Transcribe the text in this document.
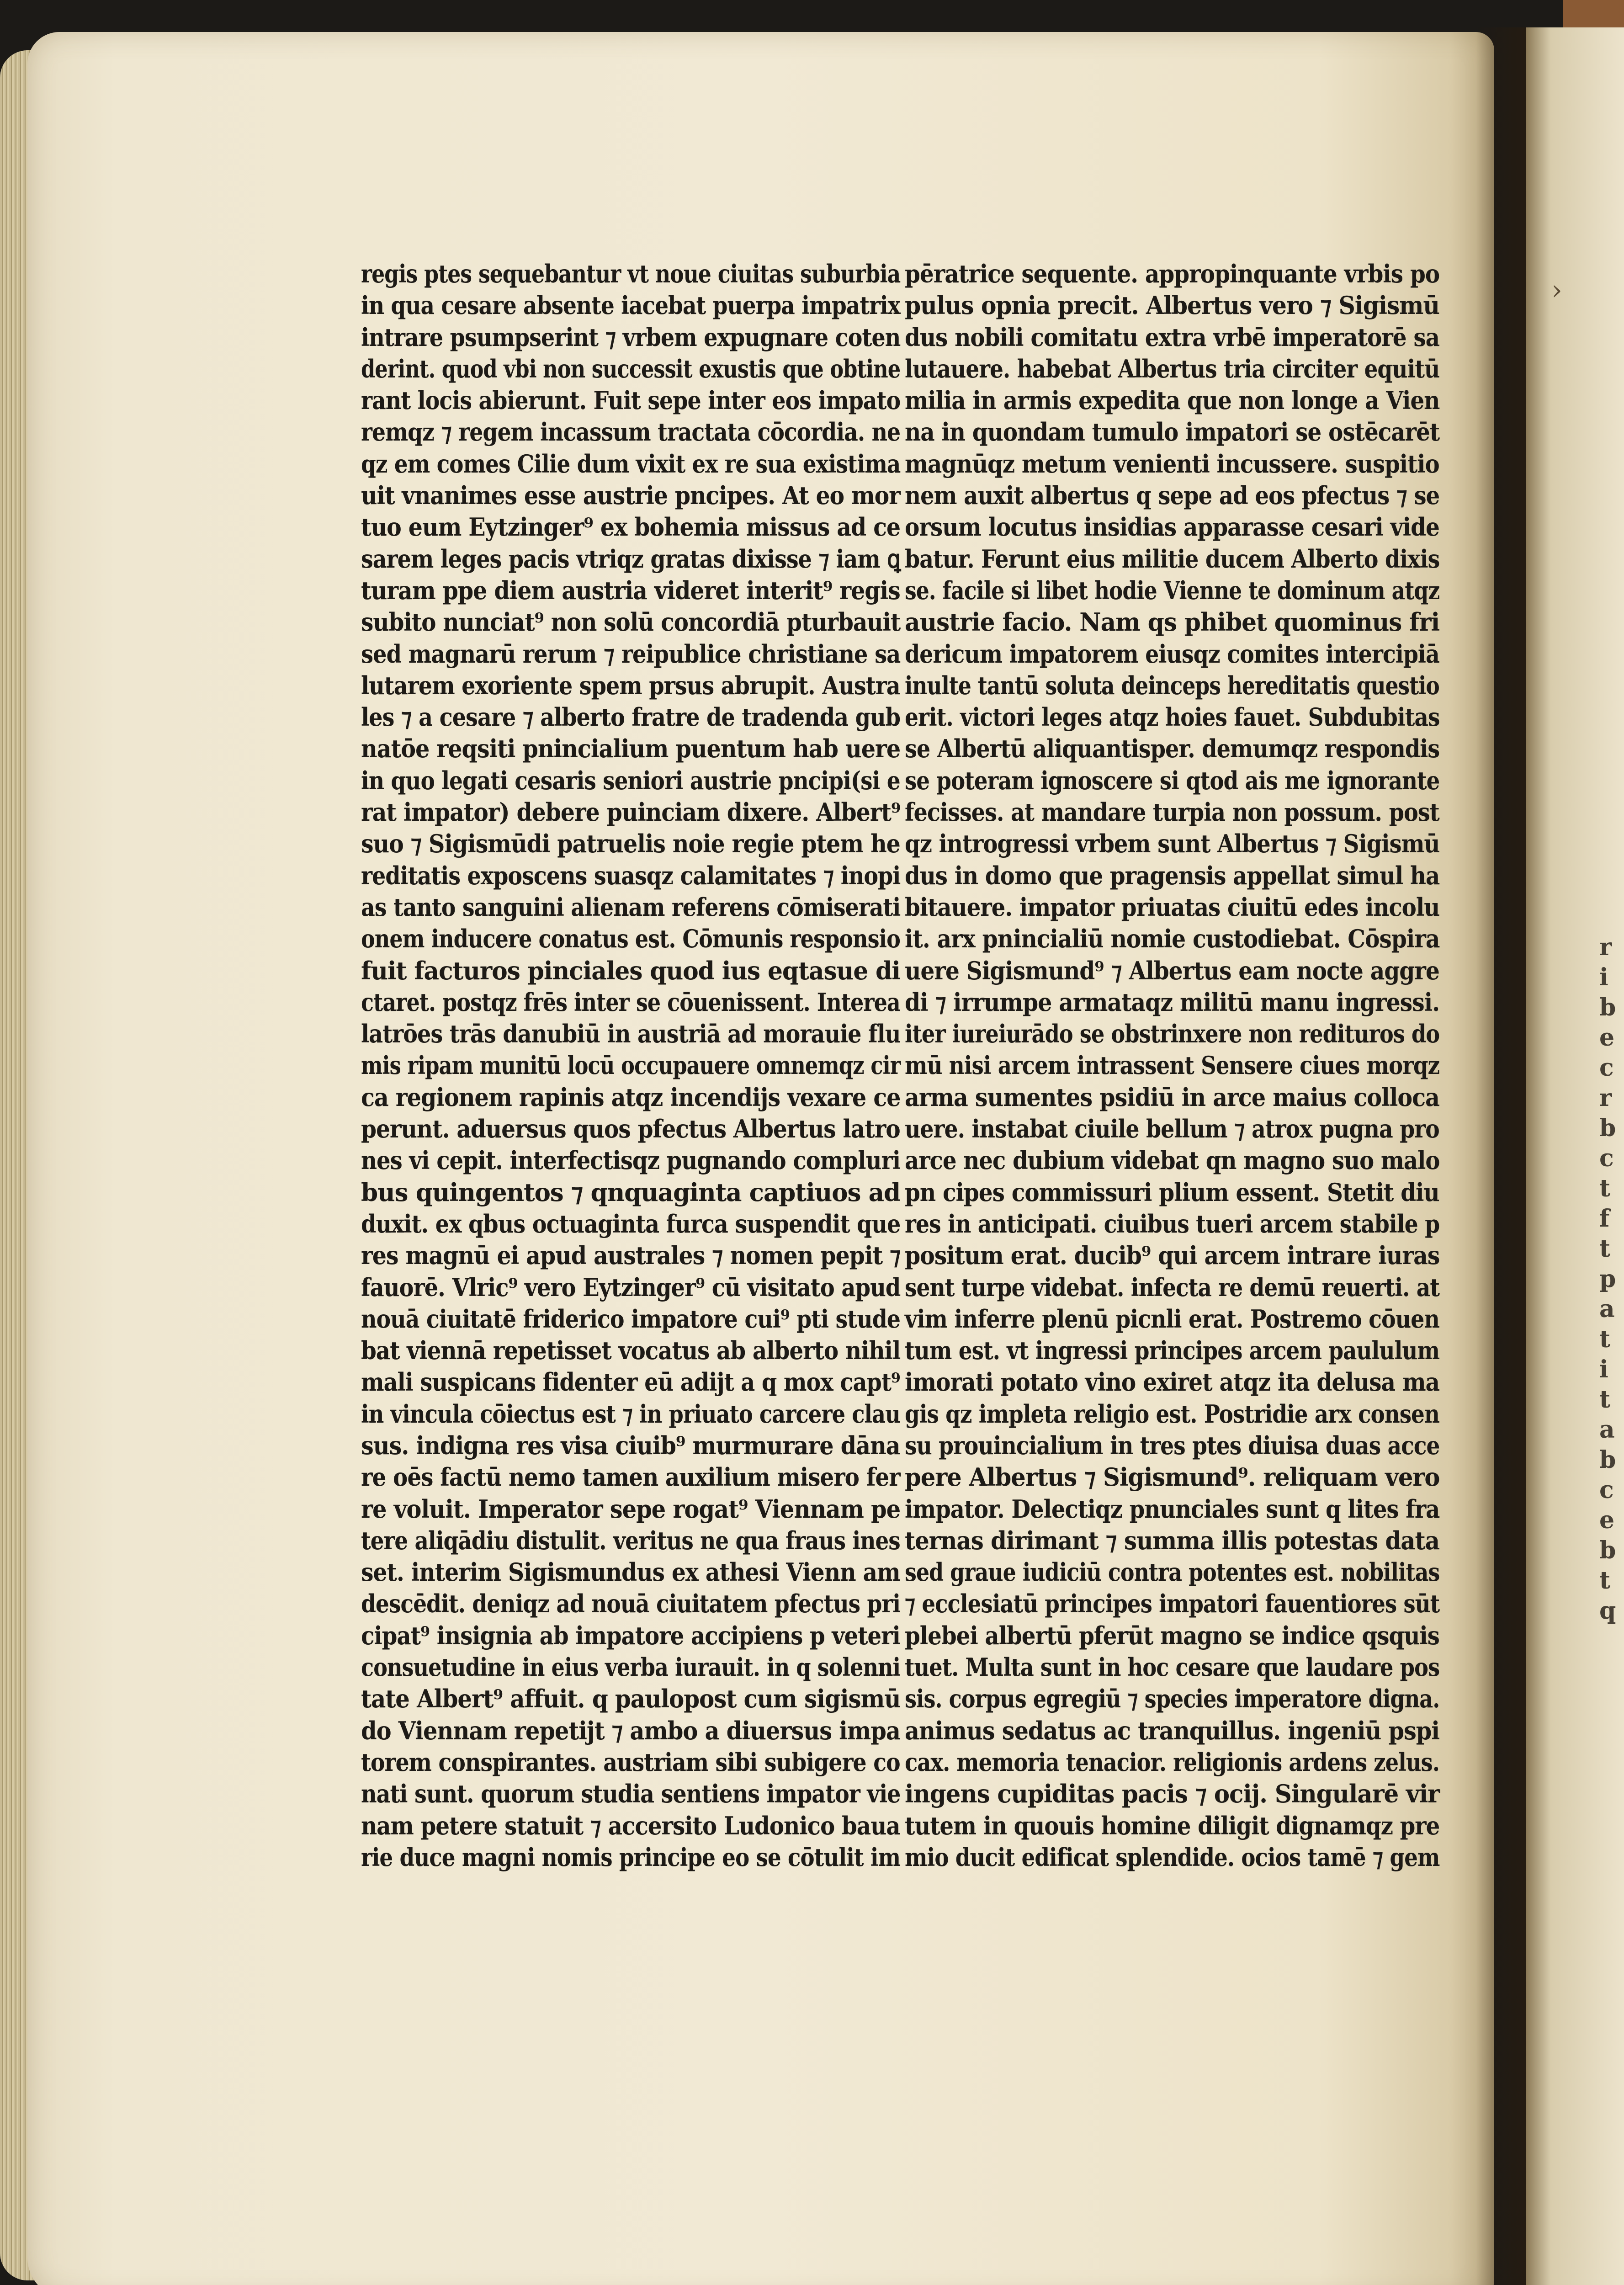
regis ptes sequebantur vt noue ciuitas suburbia
in qua cesare absente iacebat puerpa impatrix
intrare psumpserint ⁊ vrbem expugnare coten
derint. quod vbi non successit exustis que obtine
rant locis abierunt. Fuit sepe inter eos impato
remqz ⁊ regem incassum tractata cōcordia. ne
qz em comes Cilie dum vixit ex re sua existima
uit vnanimes esse austrie pncipes. At eo mor
tuo eum Eytzinger⁹ ex bohemia missus ad ce
sarem leges pacis vtriqz gratas dixisse ⁊ iam ꝗ
turam ppe diem austria videret interit⁹ regis
subito nunciat⁹ non solū concordiā pturbauit
sed magnarū rerum ⁊ reipublice christiane sa
lutarem exoriente spem prsus abrupit. Austra
les ⁊ a cesare ⁊ alberto fratre de tradenda gub
natōe reqsiti pnincialium puentum hab uere
in quo legati cesaris seniori austrie pncipi(si e
rat impator) debere puinciam dixere. Albert⁹
suo ⁊ Sigismūdi patruelis noie regie ptem he
reditatis exposcens suasqz calamitates ⁊ inopi
as tanto sanguini alienam referens cōmiserati
onem inducere conatus est. Cōmunis responsio
fuit facturos pinciales quod ius eqtasue di
ctaret. postqz frēs inter se cōuenissent. Interea
latrōes trās danubiū in austriā ad morauie flu
mis ripam munitū locū occupauere omnemqz cir
ca regionem rapinis atqz incendijs vexare ce
perunt. aduersus quos pfectus Albertus latro
nes vi cepit. interfectisqz pugnando compluri
bus quingentos ⁊ qnquaginta captiuos ad
duxit. ex qbus octuaginta furca suspendit que
res magnū ei apud australes ⁊ nomen pepit ⁊
fauorē. Vlric⁹ vero Eytzinger⁹ cū visitato apud
nouā ciuitatē friderico impatore cui⁹ pti stude
bat viennā repetisset vocatus ab alberto nihil
mali suspicans fidenter eū adijt a q mox capt⁹
in vincula cōiectus est ⁊ in priuato carcere clau
sus. indigna res visa ciuib⁹ murmurare dāna
re oēs factū nemo tamen auxilium misero fer
re voluit. Imperator sepe rogat⁹ Viennam pe
tere aliqādiu distulit. veritus ne qua fraus ines
set. interim Sigismundus ex athesi Vienn am
descēdit. deniqz ad nouā ciuitatem pfectus pri
cipat⁹ insignia ab impatore accipiens p veteri
consuetudine in eius verba iurauit. in q solenni
tate Albert⁹ affuit. q paulopost cum sigismū
do Viennam repetijt ⁊ ambo a diuersus impa
torem conspirantes. austriam sibi subigere co
nati sunt. quorum studia sentiens impator vie
nam petere statuit ⁊ accersito Ludonico baua
rie duce magni nomis principe eo se cōtulit im
pēratrice sequente. appropinquante vrbis po
pulus opnia precit. Albertus vero ⁊ Sigismū
dus nobili comitatu extra vrbē imperatorē sa
lutauere. habebat Albertus tria circiter equitū
milia in armis expedita que non longe a Vien
na in quondam tumulo impatori se ostēcarēt
magnūqz metum venienti incussere. suspitio
nem auxit albertus q sepe ad eos pfectus ⁊ se
orsum locutus insidias apparasse cesari vide
batur. Ferunt eius militie ducem Alberto dixis
se. facile si libet hodie Vienne te dominum atqz
austrie facio. Nam qs phibet quominus fri
dericum impatorem eiusqz comites intercipiā
inulte tantū soluta deinceps hereditatis questio
erit. victori leges atqz hoies fauet. Subdubitas
se Albertū aliquantisper. demumqz respondis
se poteram ignoscere si qtod ais me ignorante
fecisses. at mandare turpia non possum. post
qz introgressi vrbem sunt Albertus ⁊ Sigismū
dus in domo que pragensis appellat simul ha
bitauere. impator priuatas ciuitū edes incolu
it. arx pnincialiū nomie custodiebat. Cōspira
uere Sigismund⁹ ⁊ Albertus eam nocte aggre
di ⁊ irrumpe armataqz militū manu ingressi.
iter iureiurādo se obstrinxere non redituros do
mū nisi arcem intrassent Sensere ciues morqz
arma sumentes psidiū in arce maius colloca
uere. instabat ciuile bellum ⁊ atrox pugna pro
arce nec dubium videbat qn magno suo malo
pn cipes commissuri plium essent. Stetit diu
res in anticipati. ciuibus tueri arcem stabile p
positum erat. ducib⁹ qui arcem intrare iuras
sent turpe videbat. infecta re demū reuerti. at
vim inferre plenū picnli erat. Postremo cōuen
tum est. vt ingressi principes arcem paululum
imorati potato vino exiret atqz ita delusa ma
gis qz impleta religio est. Postridie arx consen
su prouincialium in tres ptes diuisa duas acce
pere Albertus ⁊ Sigismund⁹. reliquam vero
impator. Delectiqz pnunciales sunt q lites fra
ternas dirimant ⁊ summa illis potestas data
sed graue iudiciū contra potentes est. nobilitas
⁊ ecclesiatū principes impatori fauentiores sūt
plebei albertū pferūt magno se indice qsquis
tuet. Multa sunt in hoc cesare que laudare pos
sis. corpus egregiū ⁊ species imperatore digna.
animus sedatus ac tranquillus. ingeniū pspi
cax. memoria tenacior. religionis ardens zelus.
ingens cupiditas pacis ⁊ ocij. Singularē vir
tutem in quouis homine diligit dignamqz pre
mio ducit edificat splendide. ocios tamē ⁊ gem
›
r
i
b
e
c
r
b
c
t
f
t
p
a
t
i
t
a
b
c
e
b
t
q
